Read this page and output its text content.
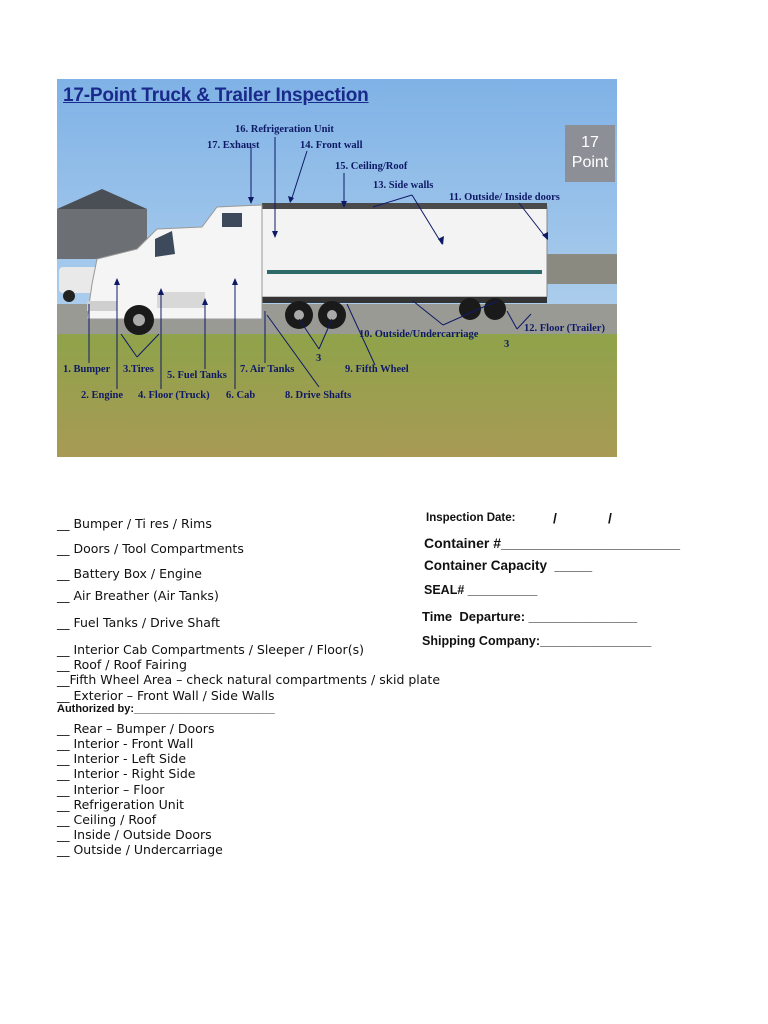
17-Point Truck & Trailer Inspection
17
Point
16. Refrigeration Unit
17. Exhaust	14. Front wall
15. Ceiling/Roof
13. Side walls
11. Outside/ Inside doors
12. Floor (Trailer)
10. Outside/Undercarriage
3
3
9. Fifth Wheel
7. Air Tanks
5. Fuel Tanks
1. Bumper 3.Tires
2. Engine 4. Floor (Truck) 6. Cab	8. Drive Shafts
__ Bumper / Ti res / Rims
__ Doors / Tool Compartments
__ Battery Box / Engine
__ Air Breather (Air Tanks)
__ Fuel Tanks / Drive Shaft
__ Interior Cab Compartments / Sleeper / Floor(s)
__ Roof / Roof Fairing
__Fifth Wheel Area – check natural compartments / skid plate
__ Exterior – Front Wall / Side Walls
Authorized by:_______________________
__ Rear – Bumper / Doors
__ Interior - Front Wall
__ Interior - Left Side
__ Interior - Right Side
__ Interior – Floor
__ Refrigeration Unit
__ Ceiling / Roof
__ Inside / Outside Doors
__ Outside / Undercarriage
Inspection Date:	/	/
Container #_______________________
Container Capacity  _____
SEAL# __________
Time  Departure: _______________
Shipping Company:________________
